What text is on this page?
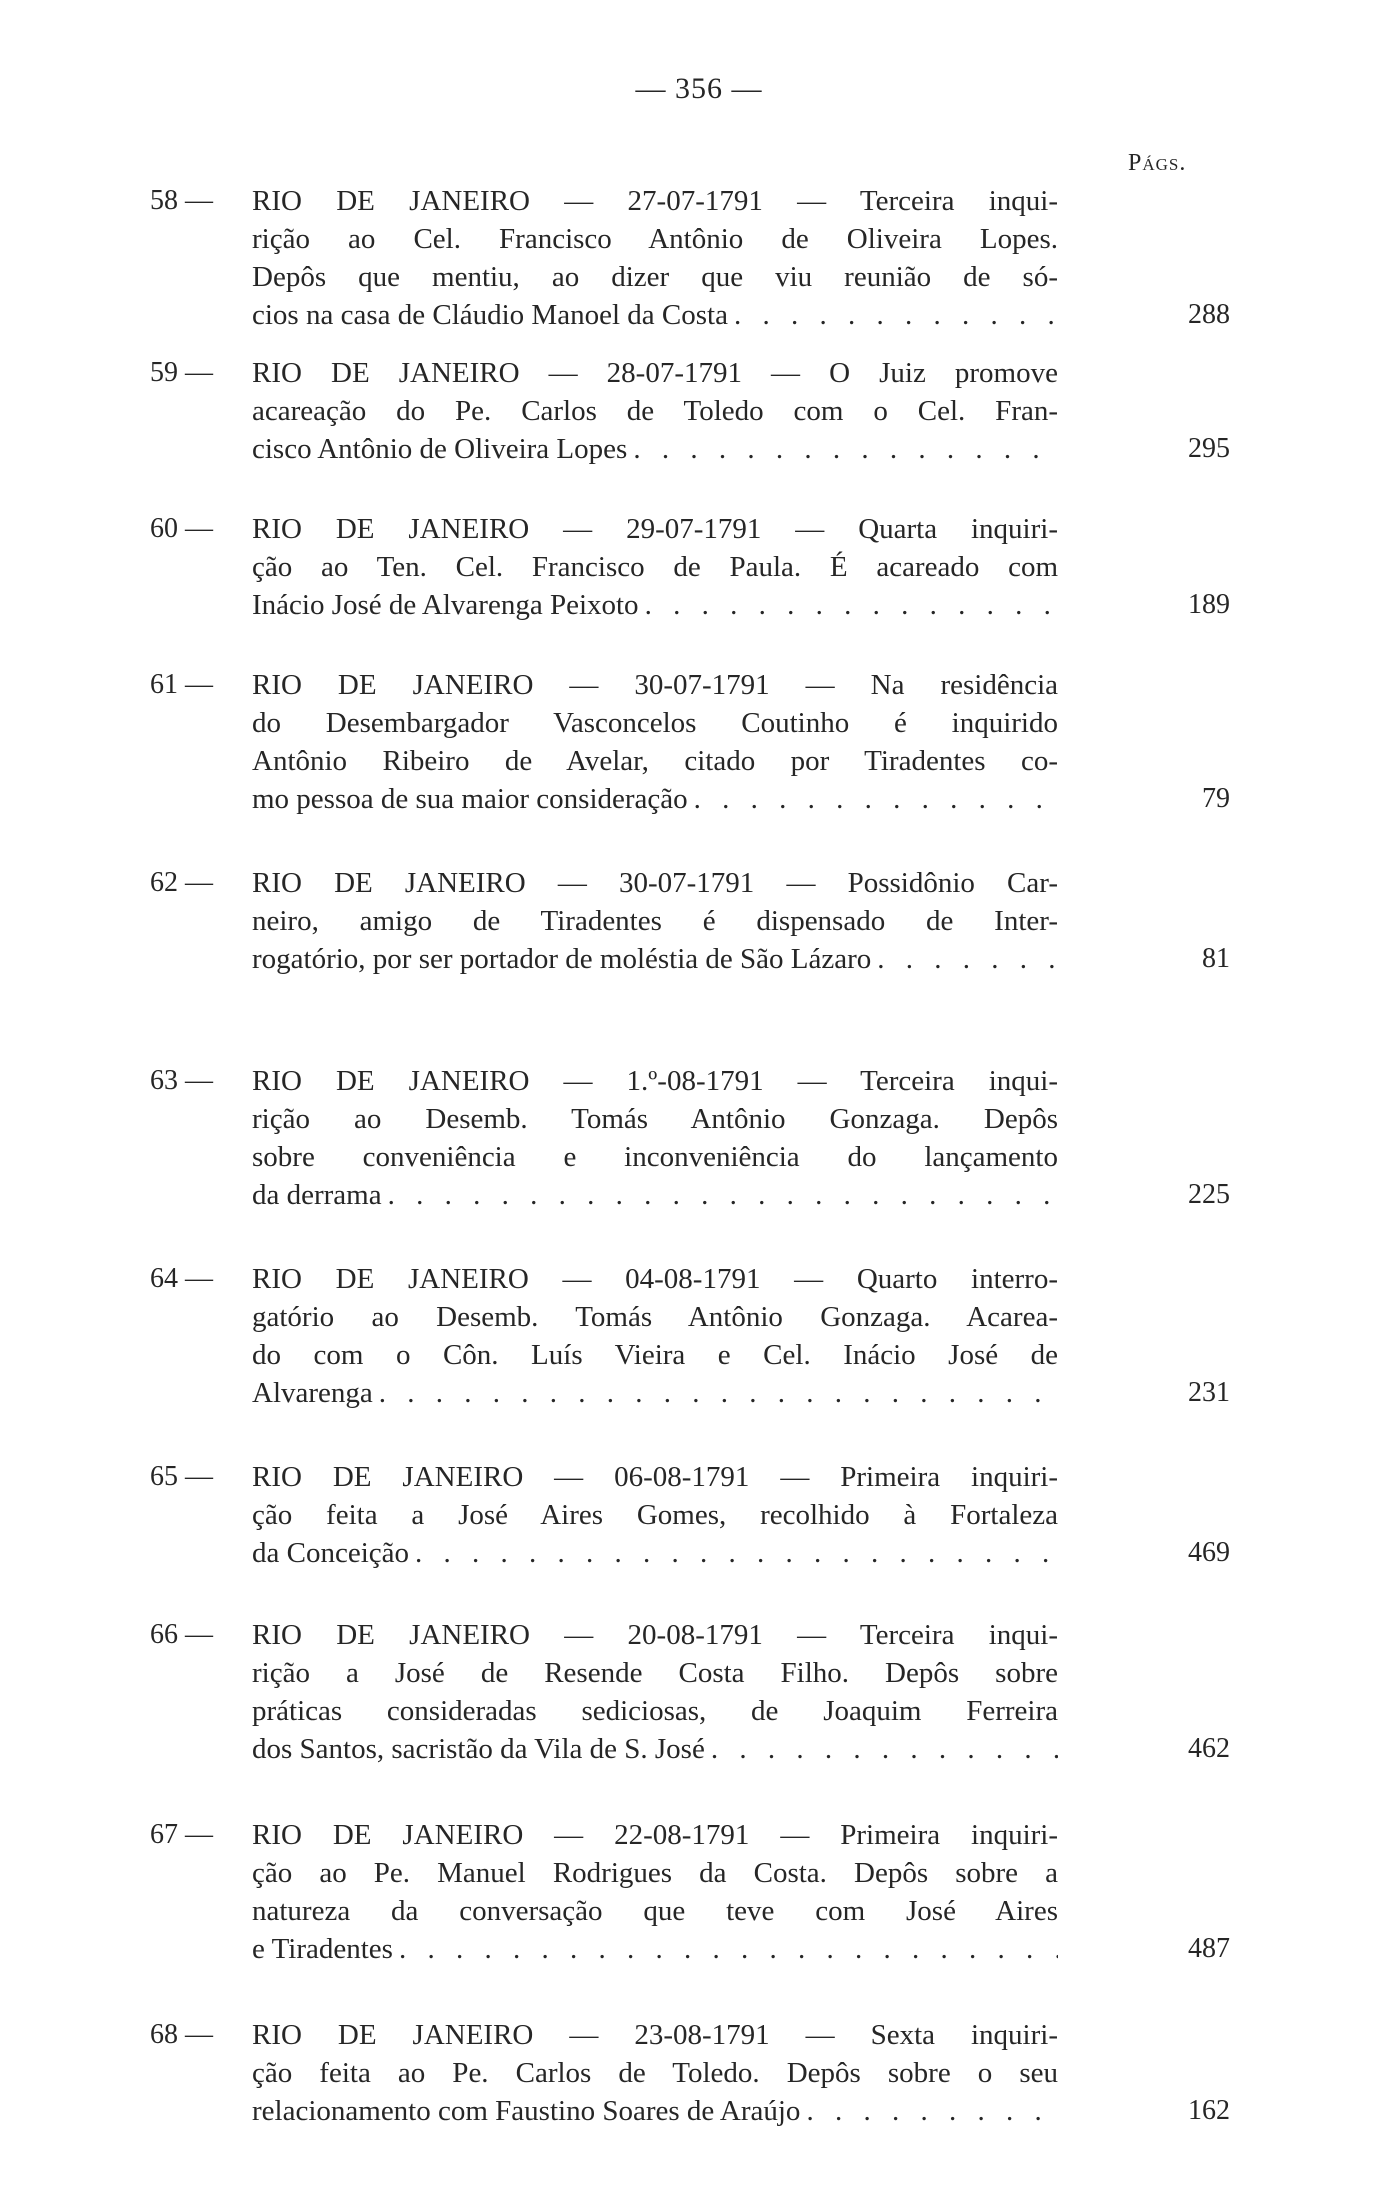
— 356 —
Págs.
58 —	RIO DE JANEIRO — 27-07-1791 — Terceira inqui-
rição ao Cel. Francisco Antônio de Oliveira Lopes.
Depôs que mentiu, ao dizer que viu reunião de só-
cios na casa de Cláudio Manoel da Costa . . .	288
59 —	RIO DE JANEIRO — 28-07-1791 — O Juiz promove
acareação do Pe. Carlos de Toledo com o Cel. Fran-
cisco Antônio de Oliveira Lopes . . .	295
60 —	RIO DE JANEIRO — 29-07-1791 — Quarta inquiri-
ção ao Ten. Cel. Francisco de Paula. É acareado com
Inácio José de Alvarenga Peixoto . . .	189
61 —	RIO DE JANEIRO — 30-07-1791 — Na residência
do Desembargador Vasconcelos Coutinho é inquirido
Antônio Ribeiro de Avelar, citado por Tiradentes co-
mo pessoa de sua maior consideração . . .	79
62 —	RIO DE JANEIRO — 30-07-1791 — Possidônio Car-
neiro, amigo de Tiradentes é dispensado de Inter-
rogatório, por ser portador de moléstia de São Lázaro . . .	81
63 —	RIO DE JANEIRO — 1.º-08-1791 — Terceira inqui-
rição ao Desemb. Tomás Antônio Gonzaga. Depôs
sobre conveniência e inconveniência do lançamento
da derrama . . .	225
64 —	RIO DE JANEIRO — 04-08-1791 — Quarto interro-
gatório ao Desemb. Tomás Antônio Gonzaga. Acarea-
do com o Côn. Luís Vieira e Cel. Inácio José de
Alvarenga . . .	231
65 —	RIO DE JANEIRO — 06-08-1791 — Primeira inquiri-
ção feita a José Aires Gomes, recolhido à Fortaleza
da Conceição . . .	469
66 —	RIO DE JANEIRO — 20-08-1791 — Terceira inqui-
rição a José de Resende Costa Filho. Depôs sobre
práticas consideradas sediciosas, de Joaquim Ferreira
dos Santos, sacristão da Vila de S. José . . .	462
67 —	RIO DE JANEIRO — 22-08-1791 — Primeira inquiri-
ção ao Pe. Manuel Rodrigues da Costa. Depôs sobre a
natureza da conversação que teve com José Aires
e Tiradentes . . .	487
68 —	RIO DE JANEIRO — 23-08-1791 — Sexta inquiri-
ção feita ao Pe. Carlos de Toledo. Depôs sobre o seu
relacionamento com Faustino Soares de Araújo . . .	162
